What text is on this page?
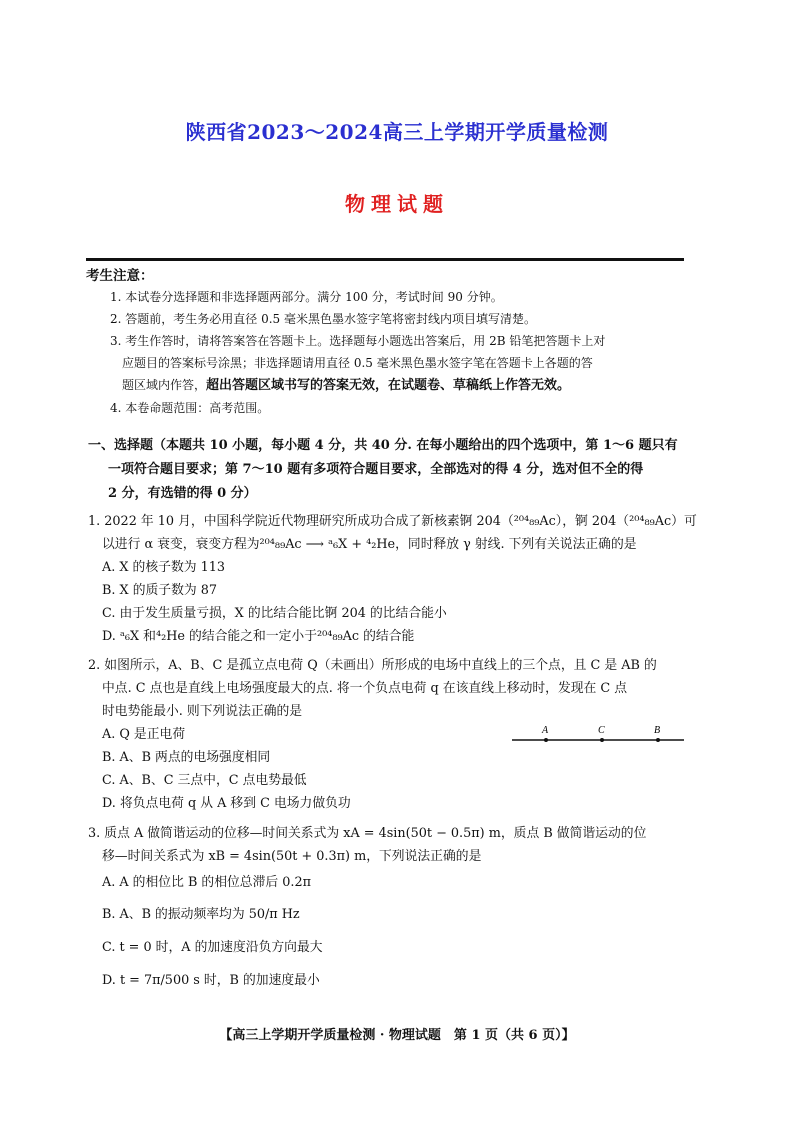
陕西省2023～2024高三上学期开学质量检测
物理试题
考生注意：
1. 本试卷分选择题和非选择题两部分。满分 100 分，考试时间 90 分钟。
2. 答题前，考生务必用直径 0.5 毫米黑色墨水签字笔将密封线内项目填写清楚。
3. 考生作答时，请将答案答在答题卡上。选择题每小题选出答案后，用 2B 铅笔把答题卡上对
应题目的答案标号涂黑；非选择题请用直径 0.5 毫米黑色墨水签字笔在答题卡上各题的答
题区域内作答，超出答题区域书写的答案无效，在试题卷、草稿纸上作答无效。
4. 本卷命题范围：高考范围。
一、选择题（本题共 10 小题，每小题 4 分，共 40 分. 在每小题给出的四个选项中，第 1～6 题只有
一项符合题目要求；第 7～10 题有多项符合题目要求，全部选对的得 4 分，选对但不全的得
2 分，有选错的得 0 分）
1. 2022 年 10 月，中国科学院近代物理研究所成功合成了新核素锕 204（²⁰⁴₈₉Ac），锕 204（²⁰⁴₈₉Ac）可
以进行 α 衰变，衰变方程为²⁰⁴₈₉Ac ⟶ ᵃ₆X + ⁴₂He，同时释放 γ 射线. 下列有关说法正确的是
A. X 的核子数为 113
B. X 的质子数为 87
C. 由于发生质量亏损，X 的比结合能比锕 204 的比结合能小
D. ᵃ₆X 和⁴₂He 的结合能之和一定小于²⁰⁴₈₉Ac 的结合能
2. 如图所示，A、B、C 是孤立点电荷 Q（未画出）所形成的电场中直线上的三个点，且 C 是 AB 的
中点. C 点也是直线上电场强度最大的点. 将一个负点电荷 q 在该直线上移动时，发现在 C 点
时电势能最小. 则下列说法正确的是
A. Q 是正电荷
B. A、B 两点的电场强度相同
C. A、B、C 三点中，C 点电势最低
D. 将负点电荷 q 从 A 移到 C 电场力做负功
A	C	B
3. 质点 A 做简谐运动的位移—时间关系式为 xA = 4sin(50t − 0.5π) m，质点 B 做简谐运动的位
移—时间关系式为 xB = 4sin(50t + 0.3π) m，下列说法正确的是
A. A 的相位比 B 的相位总滞后 0.2π
B. A、B 的振动频率均为 50/π Hz
C. t = 0 时，A 的加速度沿负方向最大
D. t = 7π/500 s 时，B 的加速度最小
【高三上学期开学质量检测 · 物理试题　第 1 页（共 6 页）】
